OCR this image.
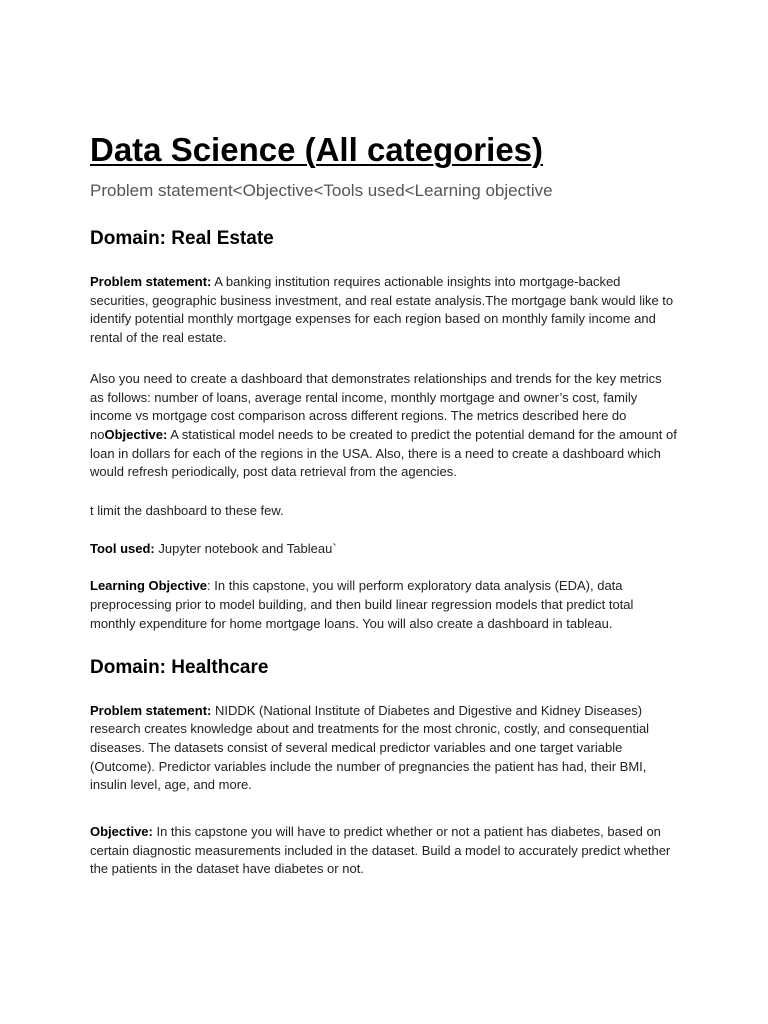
Data Science (All categories)

Problem statement<Objective<Tools used<Learning objective

Domain: Real Estate

Problem statement: A banking institution requires actionable insights into mortgage-backed securities, geographic business investment, and real estate analysis.The mortgage bank would like to identify potential monthly mortgage expenses for each region based on monthly family income and rental of the real estate.

Also you need to create a dashboard that demonstrates relationships and trends for the key metrics as follows: number of loans, average rental income, monthly mortgage and owner’s cost, family income vs mortgage cost comparison across different regions. The metrics described here do noObjective: A statistical model needs to be created to predict the potential demand for the amount of loan in dollars for each of the regions in the USA. Also, there is a need to create a dashboard which would refresh periodically, post data retrieval from the agencies.

t limit the dashboard to these few.

Tool used: Jupyter notebook and Tableau`

Learning Objective: In this capstone, you will perform exploratory data analysis (EDA), data preprocessing prior to model building, and then build linear regression models that predict total monthly expenditure for home mortgage loans. You will also create a dashboard in tableau.

Domain: Healthcare

Problem statement: NIDDK (National Institute of Diabetes and Digestive and Kidney Diseases) research creates knowledge about and treatments for the most chronic, costly, and consequential diseases. The datasets consist of several medical predictor variables and one target variable (Outcome). Predictor variables include the number of pregnancies the patient has had, their BMI, insulin level, age, and more.

Objective: In this capstone you will have to predict whether or not a patient has diabetes, based on certain diagnostic measurements included in the dataset. Build a model to accurately predict whether the patients in the dataset have diabetes or not.
